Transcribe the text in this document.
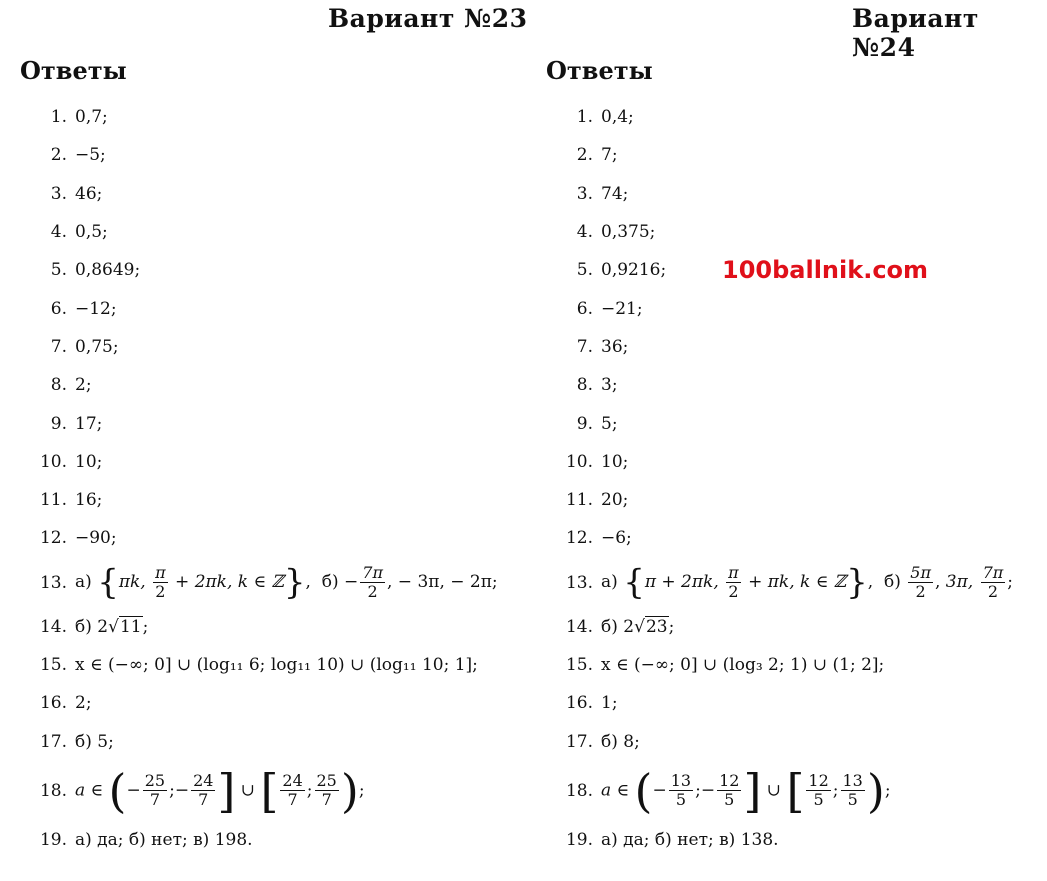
Вариант №23	Вариант №24
100ballnik.com
Ответы
1. 0,7;
2. −5;
3. 46;
4. 0,5;
5. 0,8649;
6. −12;
7. 0,75;
8. 2;
9. 17;
10. 10;
11. 16;
12. −90;
13. а) {πk, $\frac{\pi}{2} + 2\pi k$, k ∈ ℤ}, $б) - \frac{7\pi}{2}$ , − 3π, − 2π;
14. б) 2√11;
15. x ∈ (−∞; 0] ∪ (log₁₁ 6; log₁₁ 10) ∪ (log₁₁ 10; 1];
16. 2;
17. б) 5;
18. a ∈ (− $\frac{25}{7}$ ;− $\frac{24}{7}$ ] ∪ [ $\frac{24}{7}$ ; $\frac{25}{7}$ );
19. а) да; б) нет; в) 198.
Ответы
1. 0,4;
2. 7;
3. 74;
4. 0,375;
5. 0,9216;
6. −21;
7. 36;
8. 3;
9. 5;
10. 10;
11. 20;
12. −6;
13. а) {π + 2πk, $\frac{\pi}{2} + \pi k$, k ∈ ℤ}, $б) \frac{5\pi}{2}$ , 3π, $\frac{7\pi}{2}$ ;
14. б) 2√23;
15. x ∈ (−∞; 0] ∪ (log₃ 2; 1) ∪ (1; 2];
16. 1;
17. б) 8;
18. a ∈ (− $\frac{13}{5}$ ;− $\frac{12}{5}$ ] ∪ [ $\frac{12}{5}$ ; $\frac{13}{5}$ );
19. а) да; б) нет; в) 138.
